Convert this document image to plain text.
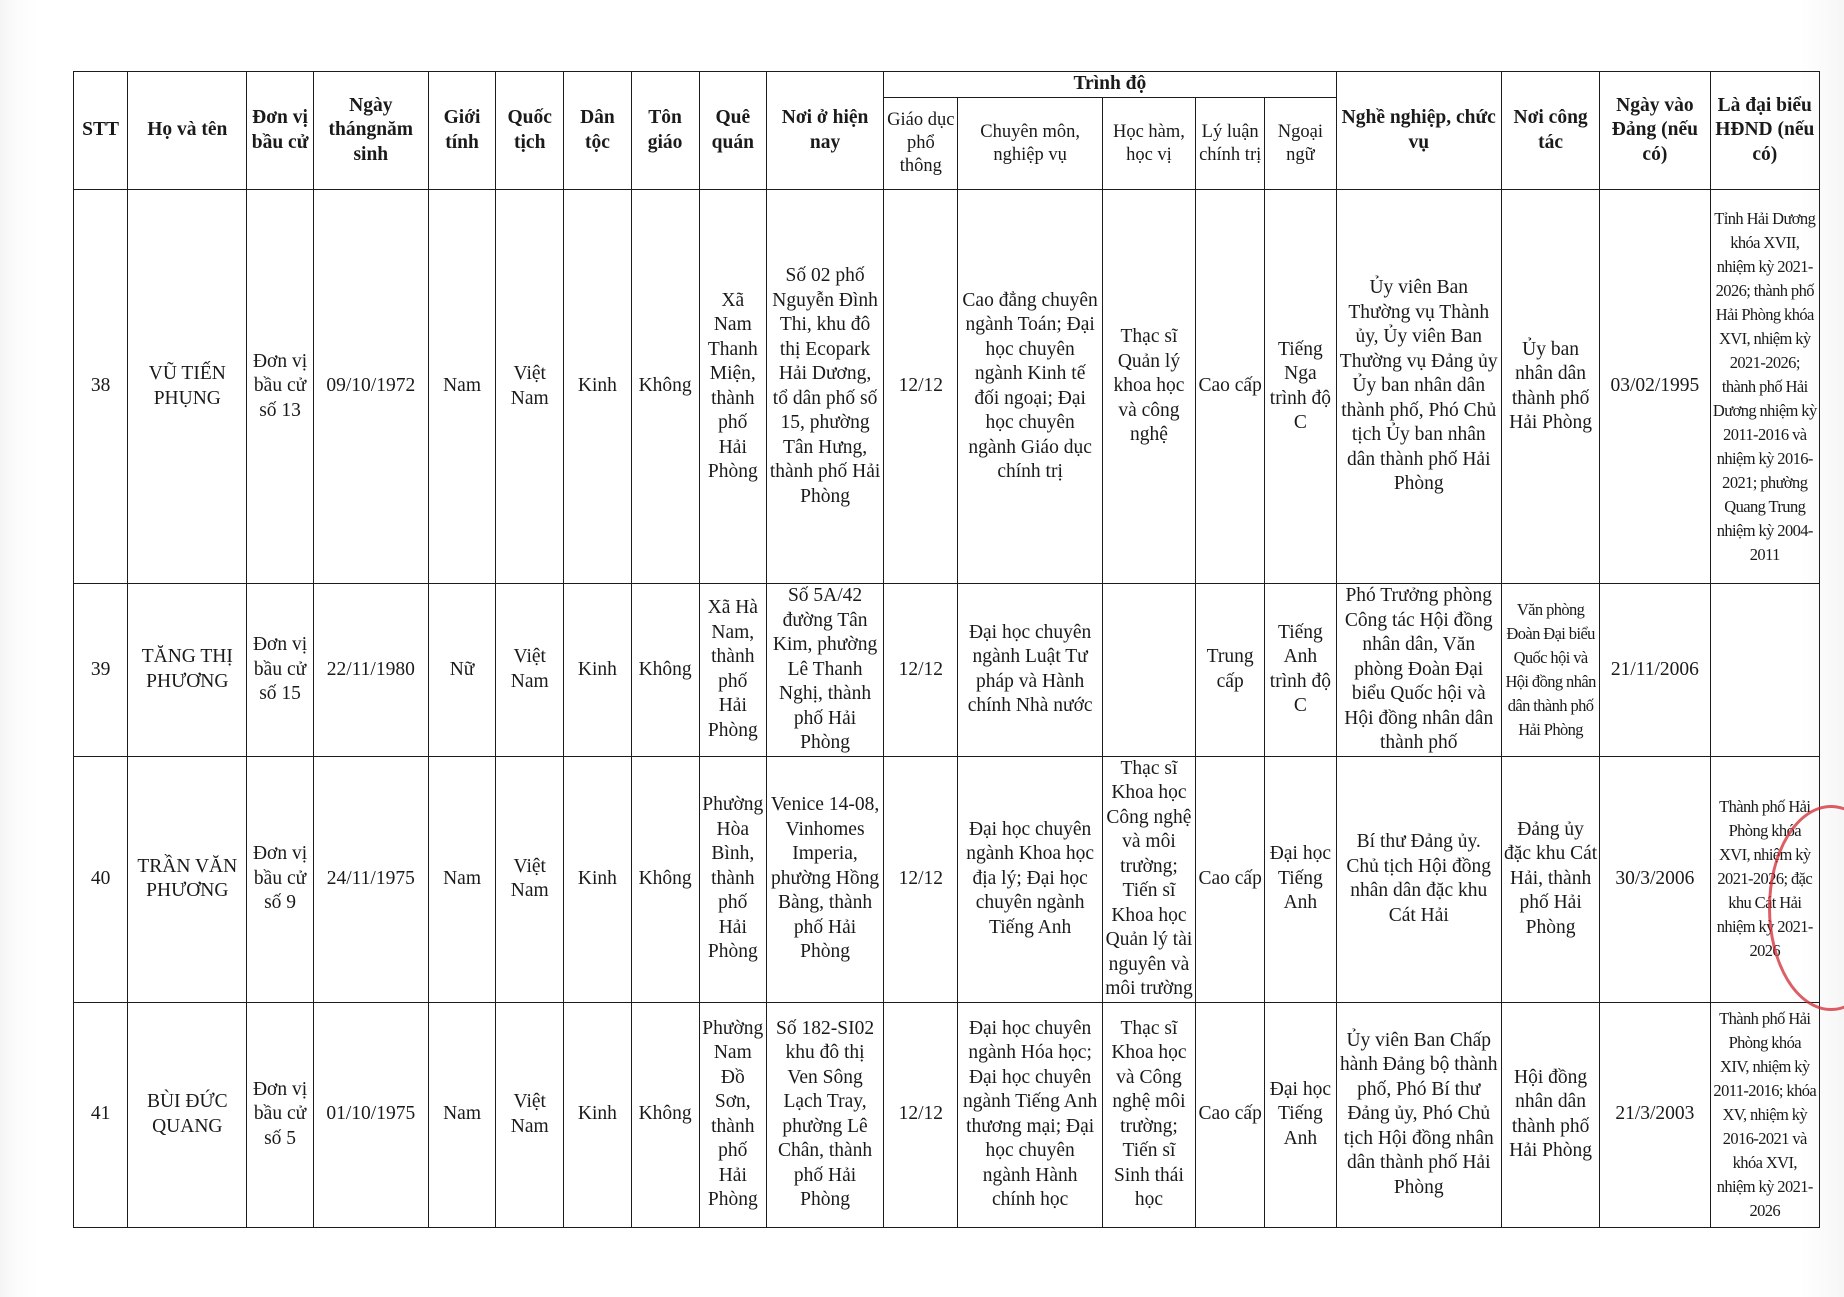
STT	Họ và tên	Đơn vị bầu cử	Ngày thángnăm sinh	Giới tính	Quốc tịch	Dân tộc	Tôn giáo	Quê quán	Nơi ở hiện nay	Trình độ					Nghề nghiệp, chức vụ	Nơi công tác	Ngày vào Đảng (nếu có)	Là đại biểu HĐND (nếu có)
										Giáo dục phổ thông	Chuyên môn, nghiệp vụ	Học hàm, học vị	Lý luận chính trị	Ngoại ngữ				
38	VŨ TIẾN PHỤNG	Đơn vị bầu cử số 13	09/10/1972	Nam	Việt Nam	Kinh	Không	Xã Nam Thanh Miện, thành phố Hải Phòng	Số 02 phố Nguyễn Đình Thi, khu đô thị Ecopark Hải Dương, tổ dân phố số 15, phường Tân Hưng, thành phố Hải Phòng	12/12	Cao đẳng chuyên ngành Toán; Đại học chuyên ngành Kinh tế đối ngoại; Đại học chuyên ngành Giáo dục chính trị	Thạc sĩ Quản lý khoa học và công nghệ	Cao cấp	Tiếng Nga trình độ C	Ủy viên Ban Thường vụ Thành ủy, Ủy viên Ban Thường vụ Đảng ủy Ủy ban nhân dân thành phố, Phó Chủ tịch Ủy ban nhân dân thành phố Hải Phòng	Ủy ban nhân dân thành phố Hải Phòng	03/02/1995	Tỉnh Hải Dương khóa XVII, nhiệm kỳ 2021-2026; thành phố Hải Phòng khóa XVI, nhiệm kỳ 2021-2026; thành phố Hải Dương nhiệm kỳ 2011-2016 và nhiệm kỳ 2016-2021; phường Quang Trung nhiệm kỳ 2004-2011
39	TĂNG THỊ PHƯƠNG	Đơn vị bầu cử số 15	22/11/1980	Nữ	Việt Nam	Kinh	Không	Xã Hà Nam, thành phố Hải Phòng	Số 5A/42 đường Tân Kim, phường Lê Thanh Nghị, thành phố Hải Phòng	12/12	Đại học chuyên ngành Luật Tư pháp và Hành chính Nhà nước		Trung cấp	Tiếng Anh trình độ C	Phó Trưởng phòng Công tác Hội đồng nhân dân, Văn phòng Đoàn Đại biểu Quốc hội và Hội đồng nhân dân thành phố	Văn phòng Đoàn Đại biểu Quốc hội và Hội đồng nhân dân thành phố Hải Phòng	21/11/2006	
40	TRẦN VĂN PHƯƠNG	Đơn vị bầu cử số 9	24/11/1975	Nam	Việt Nam	Kinh	Không	Phường Hòa Bình, thành phố Hải Phòng	Venice 14-08, Vinhomes Imperia, phường Hồng Bàng, thành phố Hải Phòng	12/12	Đại học chuyên ngành Khoa học địa lý; Đại học chuyên ngành Tiếng Anh	Thạc sĩ Khoa học Công nghệ và môi trường; Tiến sĩ Khoa học Quản lý tài nguyên và môi trường	Cao cấp	Đại học Tiếng Anh	Bí thư Đảng ủy. Chủ tịch Hội đồng nhân dân đặc khu Cát Hải	Đảng ủy đặc khu Cát Hải, thành phố Hải Phòng	30/3/2006	Thành phố Hải Phòng khóa XVI, nhiệm kỳ 2021-2026; đặc khu Cát Hải nhiệm kỳ 2021-2026
41	BÙI ĐỨC QUANG	Đơn vị bầu cử số 5	01/10/1975	Nam	Việt Nam	Kinh	Không	Phường Nam Đồ Sơn, thành phố Hải Phòng	Số 182-SI02 khu đô thị Ven Sông Lạch Tray, phường Lê Chân, thành phố Hải Phòng	12/12	Đại học chuyên ngành Hóa học; Đại học chuyên ngành Tiếng Anh thương mại; Đại học chuyên ngành Hành chính học	Thạc sĩ Khoa học và Công nghệ môi trường; Tiến sĩ Sinh thái học	Cao cấp	Đại học Tiếng Anh	Ủy viên Ban Chấp hành Đảng bộ thành phố, Phó Bí thư Đảng ủy, Phó Chủ tịch Hội đồng nhân dân thành phố Hải Phòng	Hội đồng nhân dân thành phố Hải Phòng	21/3/2003	Thành phố Hải Phòng khóa XIV, nhiệm kỳ 2011-2016; khóa XV, nhiệm kỳ 2016-2021 và khóa XVI, nhiệm kỳ 2021-2026
